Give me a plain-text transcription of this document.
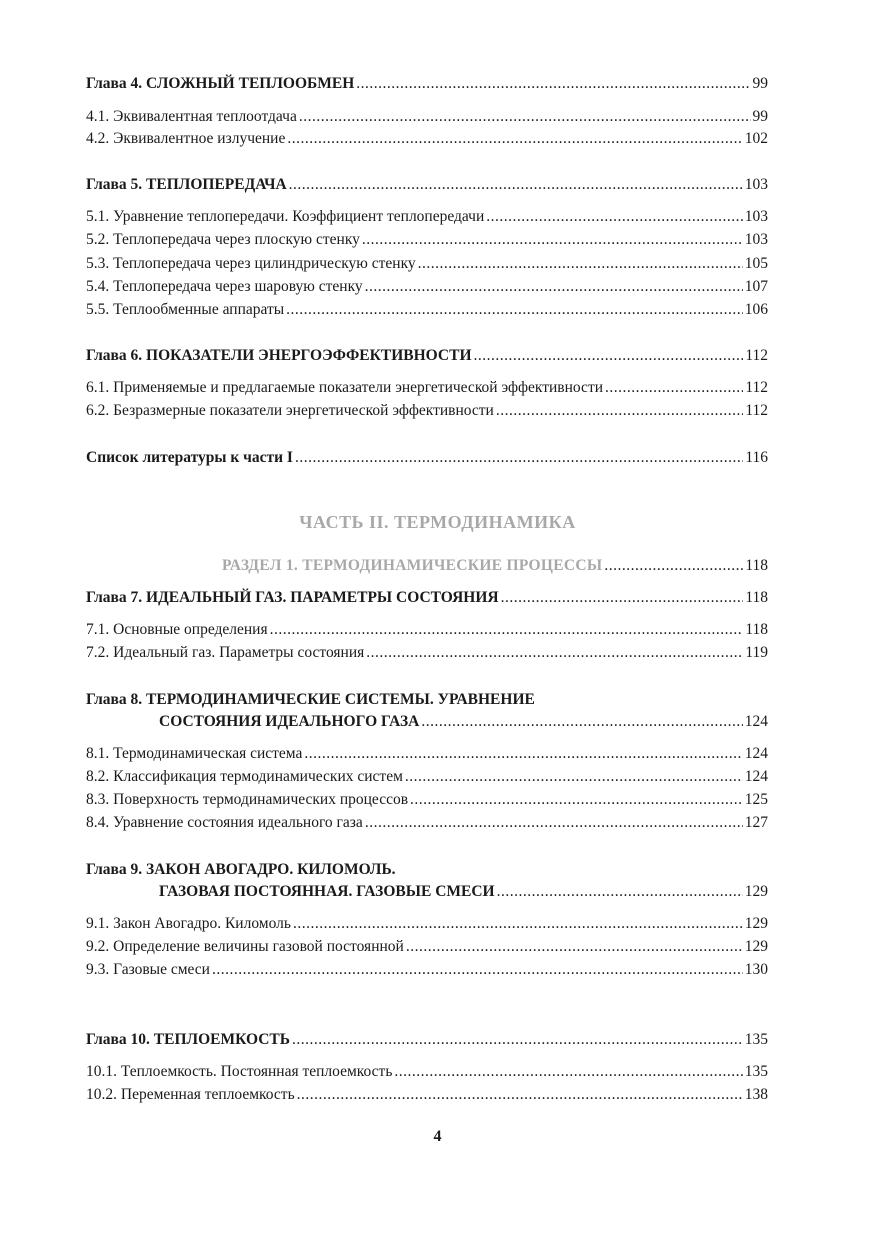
Глава 4. СЛОЖНЫЙ ТЕПЛООБМЕН .....	99
4.1. Эквивалентная теплоотдача .....	99
4.2. Эквивалентное излучение .....	102
Глава 5. ТЕПЛОПЕРЕДАЧА .....	103
5.1. Уравнение теплопередачи. Коэффициент теплопередачи .....	103
5.2. Теплопередача через плоскую стенку .....	103
5.3. Теплопередача через цилиндрическую стенку .....	105
5.4. Теплопередача через шаровую стенку .....	107
5.5. Теплообменные аппараты .....	106
Глава 6. ПОКАЗАТЕЛИ ЭНЕРГОЭФФЕКТИВНОСТИ .....	112
6.1. Применяемые и предлагаемые показатели энергетической эффективности .....	112
6.2. Безразмерные показатели энергетической эффективности .....	112
Список литературы к части I .....	116
ЧАСТЬ II. ТЕРМОДИНАМИКА
РАЗДЕЛ 1. ТЕРМОДИНАМИЧЕСКИЕ ПРОЦЕССЫ .....	118
Глава 7. ИДЕАЛЬНЫЙ ГАЗ. ПАРАМЕТРЫ СОСТОЯНИЯ .....	118
7.1. Основные определения .....	118
7.2. Идеальный газ. Параметры состояния .....	119
Глава 8. ТЕРМОДИНАМИЧЕСКИЕ СИСТЕМЫ. УРАВНЕНИЕ
СОСТОЯНИЯ ИДЕАЛЬНОГО ГАЗА .....	124
8.1. Термодинамическая система .....	124
8.2. Классификация термодинамических систем .....	124
8.3. Поверхность термодинамических процессов .....	125
8.4. Уравнение состояния идеального газа .....	127
Глава 9. ЗАКОН АВОГАДРО. КИЛОМОЛЬ.
ГАЗОВАЯ ПОСТОЯННАЯ. ГАЗОВЫЕ СМЕСИ .....	129
9.1. Закон Авогадро. Киломоль .....	129
9.2. Определение величины газовой постоянной .....	129
9.3. Газовые смеси .....	130
Глава 10. ТЕПЛОЕМКОСТЬ .....	135
10.1. Теплоемкость. Постоянная теплоемкость .....	135
10.2. Переменная теплоемкость .....	138
4
